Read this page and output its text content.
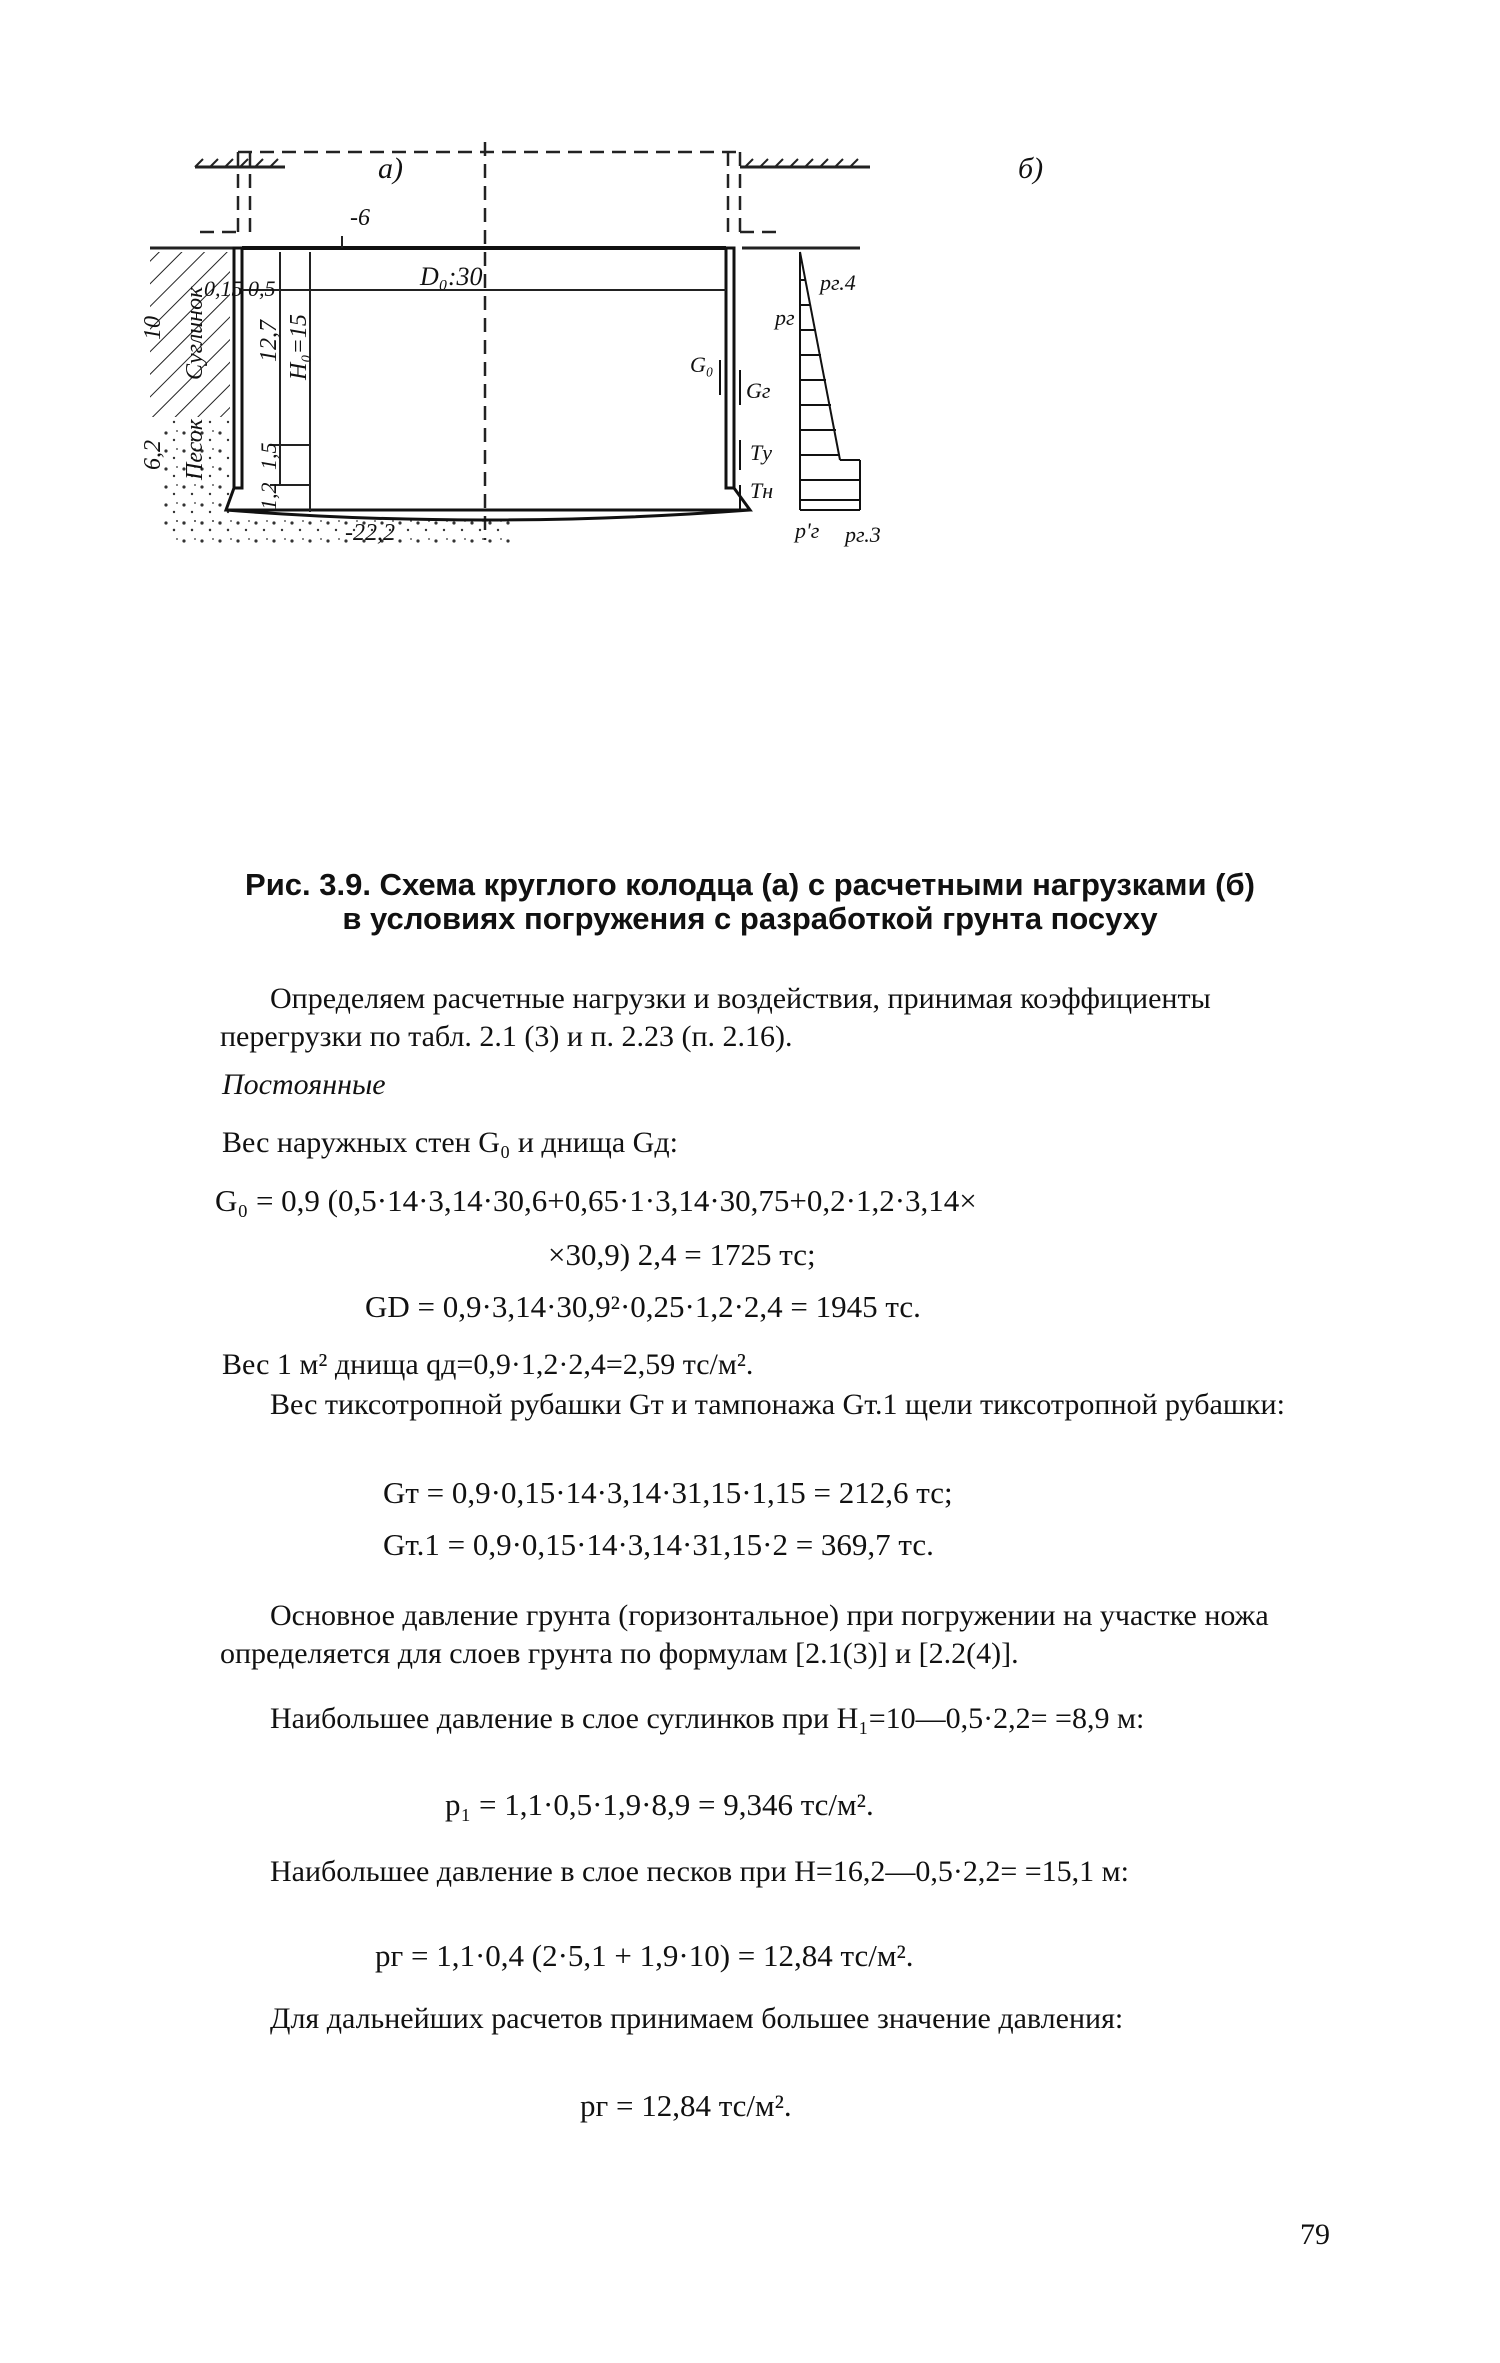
a)	б)
-6
-22,2
D₀:30
0,15 0,5
12,7 H₀=15
1,5
1,2
10
6,2
Суглинок
Песок
G₀
Gг
Tу
Tн
pг
pг.4
p'г pг.3
Рис. 3.9. Схема круглого колодца (а) с расчетными нагрузками (б)
в условиях погружения с разработкой грунта посуху

Определяем расчетные нагрузки и воздействия, принимая коэффициенты перегрузки по табл. 2.1 (3) и п. 2.23 (п. 2.16).

Постоянные
Вес наружных стен G₀ и днища Gд:
G₀ = 0,9 (0,5·14·3,14·30,6+0,65·1·3,14·30,75+0,2·1,2·3,14×
×30,9) 2,4 = 1725 тс;
GD = 0,9·3,14·30,9²·0,25·1,2·2,4 = 1945 тс.
Вес 1 м² днища qд=0,9·1,2·2,4=2,59 тс/м².

Вес тиксотропной рубашки Gт и тампонажа Gт.1 щели тиксотропной рубашки:

Gт = 0,9·0,15·14·3,14·31,15·1,15 = 212,6 тс;
Gт.1 = 0,9·0,15·14·3,14·31,15·2 = 369,7 тс.

Основное давление грунта (горизонтальное) при погружении на участке ножа определяется для слоев грунта по формулам [2.1(3)] и [2.2(4)].

Наибольшее давление в слое суглинков при H₁=10—0,5·2,2= =8,9 м:

p₁ = 1,1·0,5·1,9·8,9 = 9,346 тс/м².

Наибольшее давление в слое песков при H=16,2—0,5·2,2= =15,1 м:

pг = 1,1·0,4 (2·5,1 + 1,9·10) = 12,84 тс/м².

Для дальнейших расчетов принимаем большее значение давления:

pг = 12,84 тс/м².
79
